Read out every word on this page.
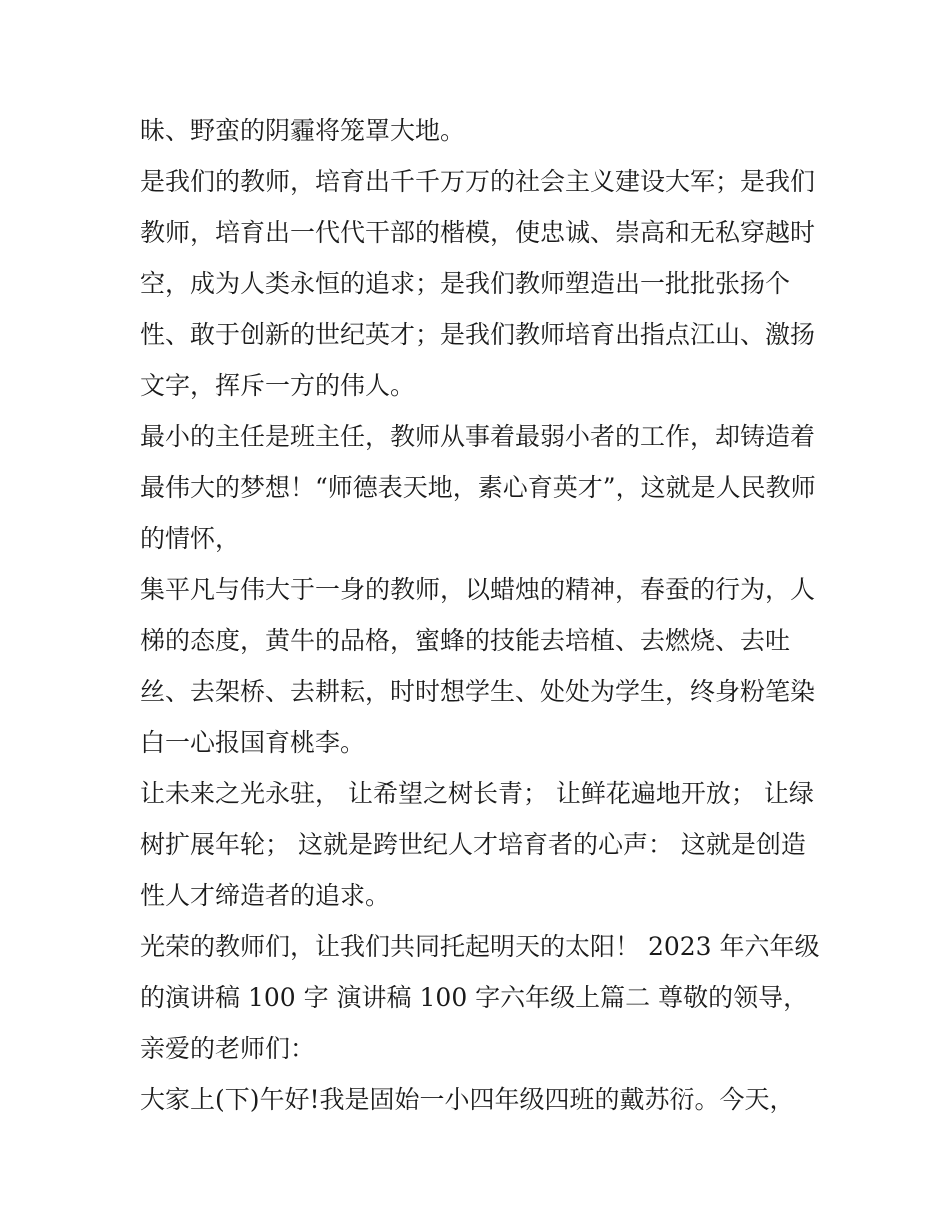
昧、野蛮的阴霾将笼罩大地。

是我们的教师，培育出千千万万的社会主义建设大军；是我们教师，培育出一代代干部的楷模，使忠诚、崇高和无私穿越时空，成为人类永恒的追求；是我们教师塑造出一批批张扬个性、敢于创新的世纪英才；是我们教师培育出指点江山、激扬文字，挥斥一方的伟人。

最小的主任是班主任，教师从事着最弱小者的工作，却铸造着最伟大的梦想！“师德表天地，素心育英才”，这就是人民教师的情怀，

集平凡与伟大于一身的教师，以蜡烛的精神，春蚕的行为，人梯的态度，黄牛的品格，蜜蜂的技能去培植、去燃烧、去吐丝、去架桥、去耕耘，时时想学生、处处为学生，终身粉笔染白一心报国育桃李。

让未来之光永驻， 让希望之树长青； 让鲜花遍地开放； 让绿树扩展年轮； 这就是跨世纪人才培育者的心声： 这就是创造性人才缔造者的追求。

光荣的教师们，让我们共同托起明天的太阳！ 2023 年六年级的演讲稿 100 字 演讲稿 100 字六年级上篇二 尊敬的领导，亲爱的老师们：

大家上(下)午好!我是固始一小四年级四班的戴苏衍。今天，
